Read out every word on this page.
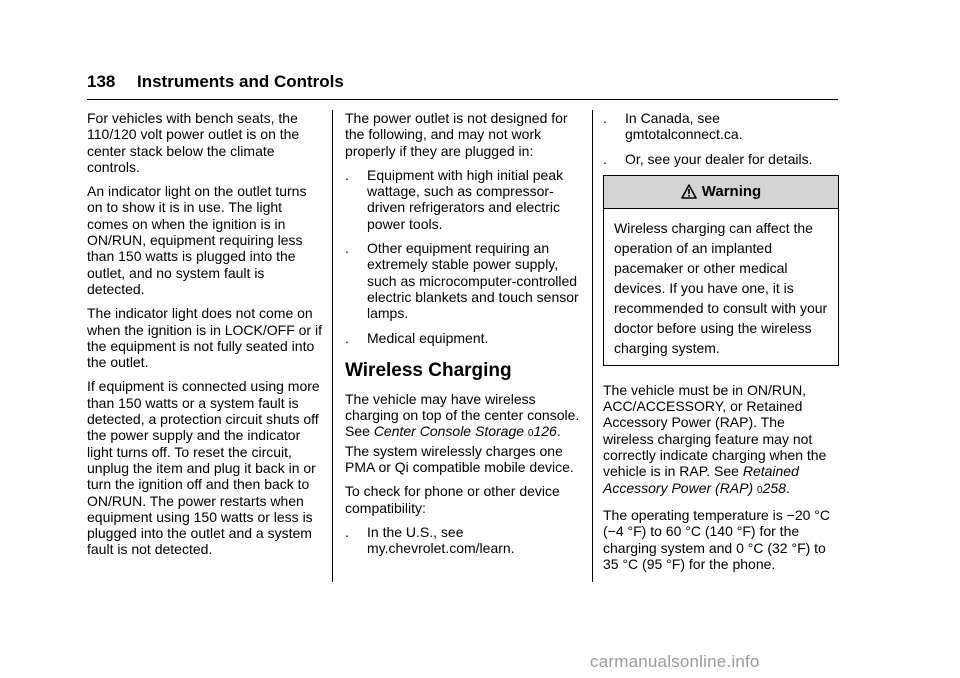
138 Instruments and Controls

For vehicles with bench seats, the 110/120 volt power outlet is on the center stack below the climate controls.

An indicator light on the outlet turns on to show it is in use. The light comes on when the ignition is in ON/RUN, equipment requiring less than 150 watts is plugged into the outlet, and no system fault is detected.

The indicator light does not come on when the ignition is in LOCK/OFF or if the equipment is not fully seated into the outlet.

If equipment is connected using more than 150 watts or a system fault is detected, a protection circuit shuts off the power supply and the indicator light turns off. To reset the circuit, unplug the item and plug it back in or turn the ignition off and then back to ON/RUN. The power restarts when equipment using 150 watts or less is plugged into the outlet and a system fault is not detected.

The power outlet is not designed for the following, and may not work properly if they are plugged in:

. Equipment with high initial peak wattage, such as compressor-driven refrigerators and electric power tools.
. Other equipment requiring an extremely stable power supply, such as microcomputer-controlled electric blankets and touch sensor lamps.
. Medical equipment.
Wireless Charging

The vehicle may have wireless charging on top of the center console. See Center Console Storage 0126. The system wirelessly charges one PMA or Qi compatible mobile device.

To check for phone or other device compatibility:

. In the U.S., see my.chevrolet.com/learn.
. In Canada, see gmtotalconnect.ca.
. Or, see your dealer for details.
Warning
Wireless charging can affect the operation of an implanted pacemaker or other medical devices. If you have one, it is recommended to consult with your doctor before using the wireless charging system.

The vehicle must be in ON/RUN, ACC/ACCESSORY, or Retained Accessory Power (RAP). The wireless charging feature may not correctly indicate charging when the vehicle is in RAP. See Retained Accessory Power (RAP) 0258.

The operating temperature is −20 °C (−4 °F) to 60 °C (140 °F) for the charging system and 0 °C (32 °F) to 35 °C (95 °F) for the phone.

carmanualsonline.info
